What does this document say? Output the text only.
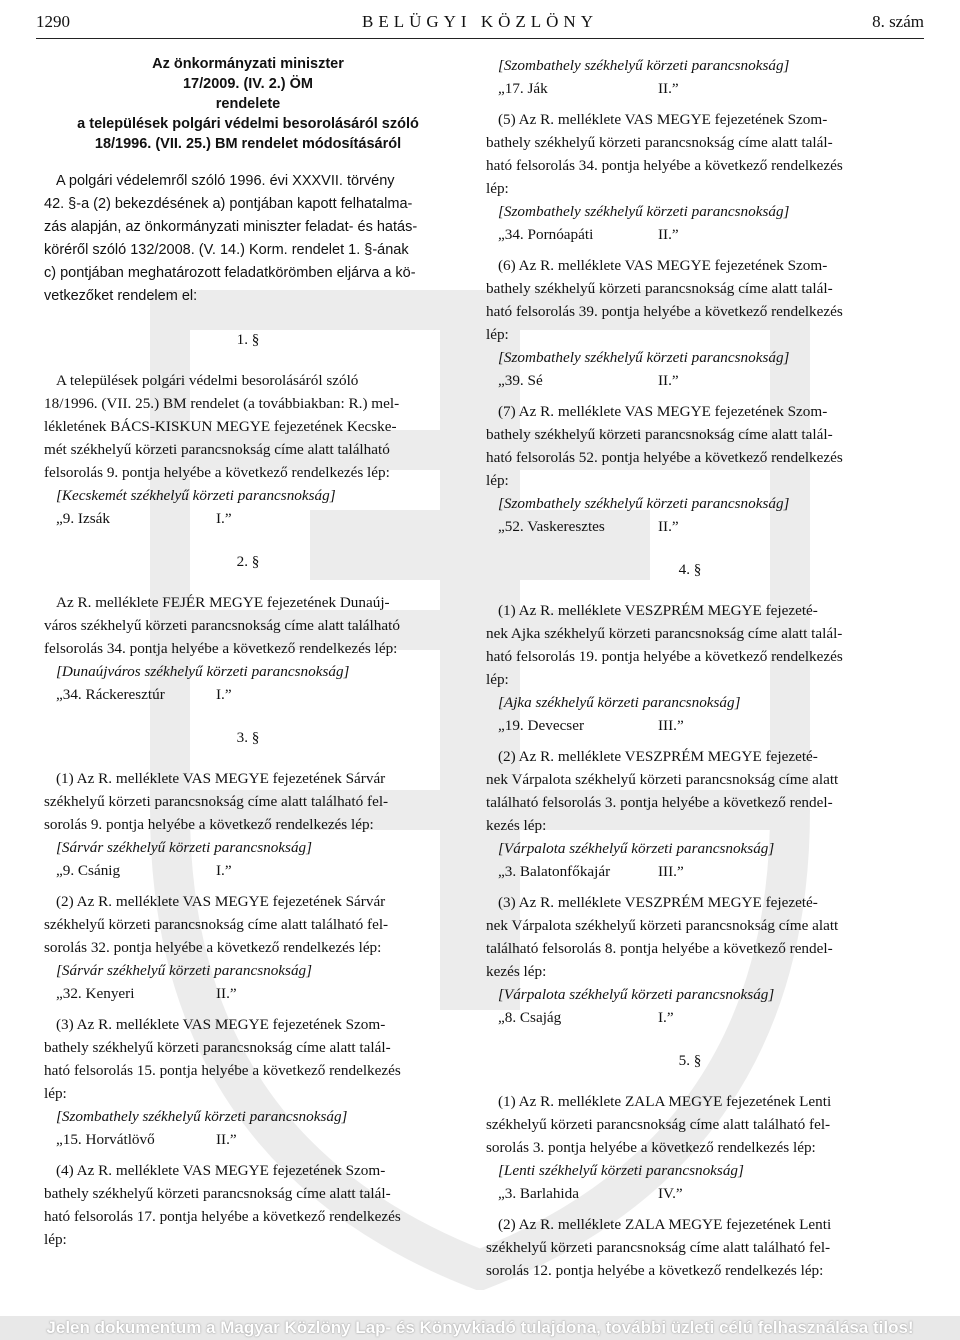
1290	BELÜGYI KÖZLÖNY	8. szám
Az önkormányzati miniszter
17/2009. (IV. 2.) ÖM
rendelete
a települések polgári védelmi besorolásáról szóló
18/1996. (VII. 25.) BM rendelet módosításáról

A polgári védelemről szóló 1996. évi XXXVII. törvény

42. §-a (2) bekezdésének a) pontjában kapott felhatalma-

zás alapján, az önkormányzati miniszter feladat- és hatás-

köréről szóló 132/2008. (V. 14.) Korm. rendelet 1. §-ának

c) pontjában meghatározott feladatkörömben eljárva a kö-

vetkezőket rendelem el:

1. §

A települések polgári védelmi besorolásáról szóló

18/1996. (VII. 25.) BM rendelet (a továbbiakban: R.) mel-

lékletének BÁCS-KISKUN MEGYE fejezetének Kecske-

mét székhelyű körzeti parancsnokság címe alatt található

felsorolás 9. pontja helyébe a következő rendelkezés lép:

[Kecskemét székhelyű körzeti parancsnokság]

„9. Izsák	I.”

2. §

Az R. melléklete FEJÉR MEGYE fejezetének Dunaúj-

város székhelyű körzeti parancsnokság címe alatt található

felsorolás 34. pontja helyébe a következő rendelkezés lép:

[Dunaújváros székhelyű körzeti parancsnokság]

„34. Ráckeresztúr	I.”

3. §

(1) Az R. melléklete VAS MEGYE fejezetének Sárvár

székhelyű körzeti parancsnokság címe alatt található fel-

sorolás 9. pontja helyébe a következő rendelkezés lép:

[Sárvár székhelyű körzeti parancsnokság]

„9. Csánig	I.”

(2) Az R. melléklete VAS MEGYE fejezetének Sárvár

székhelyű körzeti parancsnokság címe alatt található fel-

sorolás 32. pontja helyébe a következő rendelkezés lép:

[Sárvár székhelyű körzeti parancsnokság]

„32. Kenyeri	II.”

(3) Az R. melléklete VAS MEGYE fejezetének Szom-

bathely székhelyű körzeti parancsnokság címe alatt talál-

ható felsorolás 15. pontja helyébe a következő rendelkezés

lép:

[Szombathely székhelyű körzeti parancsnokság]

„15. Horvátlövő	II.”

(4) Az R. melléklete VAS MEGYE fejezetének Szom-

bathely székhelyű körzeti parancsnokság címe alatt talál-

ható felsorolás 17. pontja helyébe a következő rendelkezés

lép:

[Szombathely székhelyű körzeti parancsnokság]

„17. Ják	II.”

(5) Az R. melléklete VAS MEGYE fejezetének Szom-

bathely székhelyű körzeti parancsnokság címe alatt talál-

ható felsorolás 34. pontja helyébe a következő rendelkezés

lép:

[Szombathely székhelyű körzeti parancsnokság]

„34. Pornóapáti	II.”

(6) Az R. melléklete VAS MEGYE fejezetének Szom-

bathely székhelyű körzeti parancsnokság címe alatt talál-

ható felsorolás 39. pontja helyébe a következő rendelkezés

lép:

[Szombathely székhelyű körzeti parancsnokság]

„39. Sé	II.”

(7) Az R. melléklete VAS MEGYE fejezetének Szom-

bathely székhelyű körzeti parancsnokság címe alatt talál-

ható felsorolás 52. pontja helyébe a következő rendelkezés

lép:

[Szombathely székhelyű körzeti parancsnokság]

„52. Vaskeresztes	II.”

4. §

(1) Az R. melléklete VESZPRÉM MEGYE fejezeté-

nek Ajka székhelyű körzeti parancsnokság címe alatt talál-

ható felsorolás 19. pontja helyébe a következő rendelkezés

lép:

[Ajka székhelyű körzeti parancsnokság]

„19. Devecser	III.”

(2) Az R. melléklete VESZPRÉM MEGYE fejezeté-

nek Várpalota székhelyű körzeti parancsnokság címe alatt

található felsorolás 3. pontja helyébe a következő rendel-

kezés lép:

[Várpalota székhelyű körzeti parancsnokság]

„3. Balatonfőkajár	III.”

(3) Az R. melléklete VESZPRÉM MEGYE fejezeté-

nek Várpalota székhelyű körzeti parancsnokság címe alatt

található felsorolás 8. pontja helyébe a következő rendel-

kezés lép:

[Várpalota székhelyű körzeti parancsnokság]

„8. Csajág	I.”

5. §

(1) Az R. melléklete ZALA MEGYE fejezetének Lenti

székhelyű körzeti parancsnokság címe alatt található fel-

sorolás 3. pontja helyébe a következő rendelkezés lép:

[Lenti székhelyű körzeti parancsnokság]

„3. Barlahida	IV.”

(2) Az R. melléklete ZALA MEGYE fejezetének Lenti

székhelyű körzeti parancsnokság címe alatt található fel-

sorolás 12. pontja helyébe a következő rendelkezés lép:

Jelen dokumentum a Magyar Közlöny Lap- és Könyvkiadó tulajdona, további üzleti célú felhasználása tilos!
